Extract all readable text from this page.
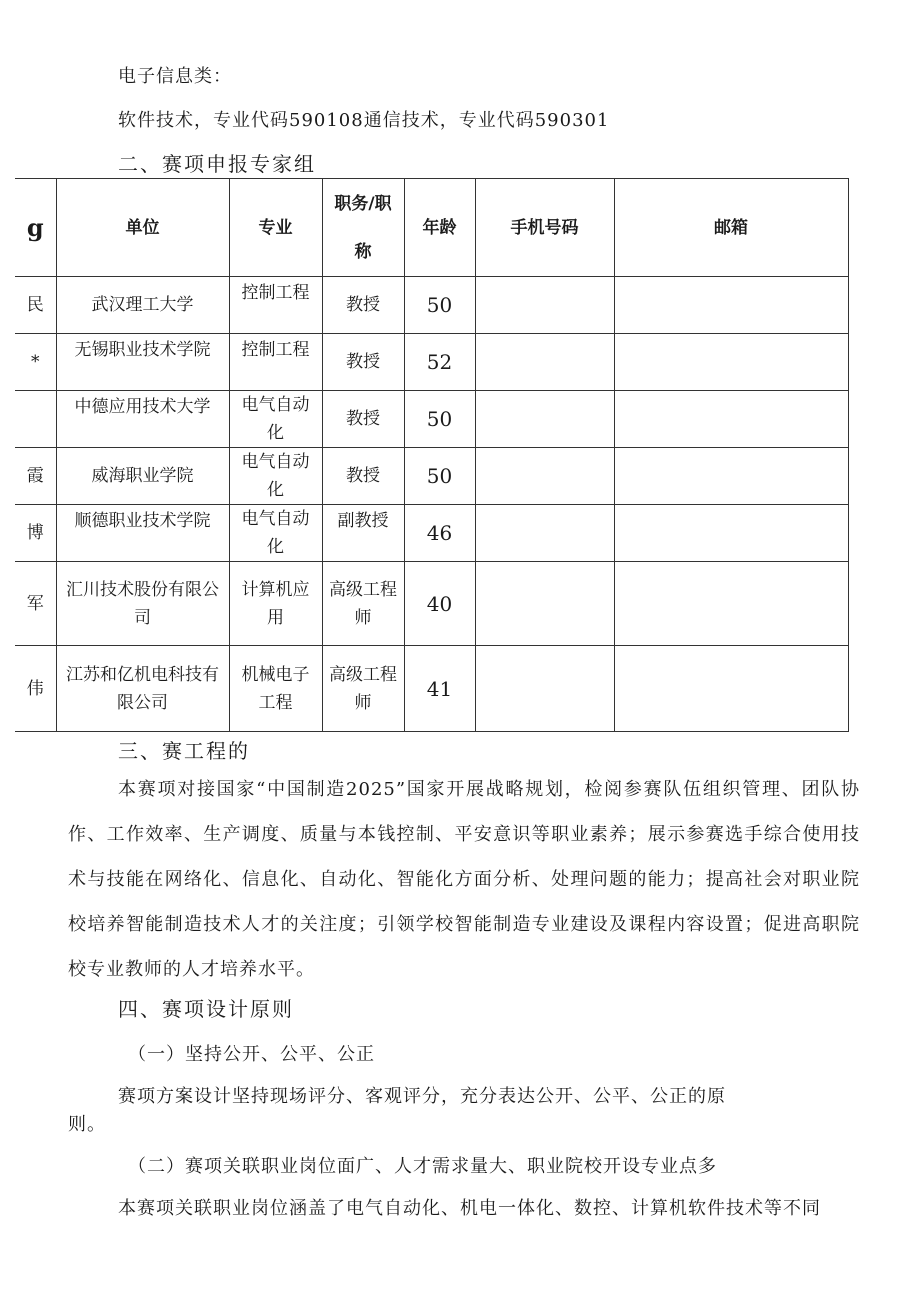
电子信息类：
软件技术，专业代码590108通信技术，专业代码590301
二、赛项申报专家组
g	单位	专业	职务/职称	年龄	手机号码	邮箱
民	武汉理工大学	控制工程	教授	50		
*	无锡职业技术学院	控制工程	教授	52		
	中德应用技术大学	电气自动化	教授	50		
霞	威海职业学院	电气自动化	教授	50		
博	顺德职业技术学院	电气自动化	副教授	46		
军	汇川技术股份有限公司	计算机应用	高级工程师	40		
伟	江苏和亿机电科技有限公司	机械电子工程	高级工程师	41		
三、赛工程的

本赛项对接国家“中国制造2025”国家开展战略规划，检阅参赛队伍组织管理、团队协作、工作效率、生产调度、质量与本钱控制、平安意识等职业素养；展示参赛选手综合使用技术与技能在网络化、信息化、自动化、智能化方面分析、处理问题的能力；提高社会对职业院校培养智能制造技术人才的关注度；引领学校智能制造专业建设及课程内容设置；促进高职院校专业教师的人才培养水平。

四、赛项设计原则
（一）坚持公开、公平、公正
赛项方案设计坚持现场评分、客观评分，充分表达公开、公平、公正的原
则。
（二）赛项关联职业岗位面广、人才需求量大、职业院校开设专业点多
本赛项关联职业岗位涵盖了电气自动化、机电一体化、数控、计算机软件技术等不同
